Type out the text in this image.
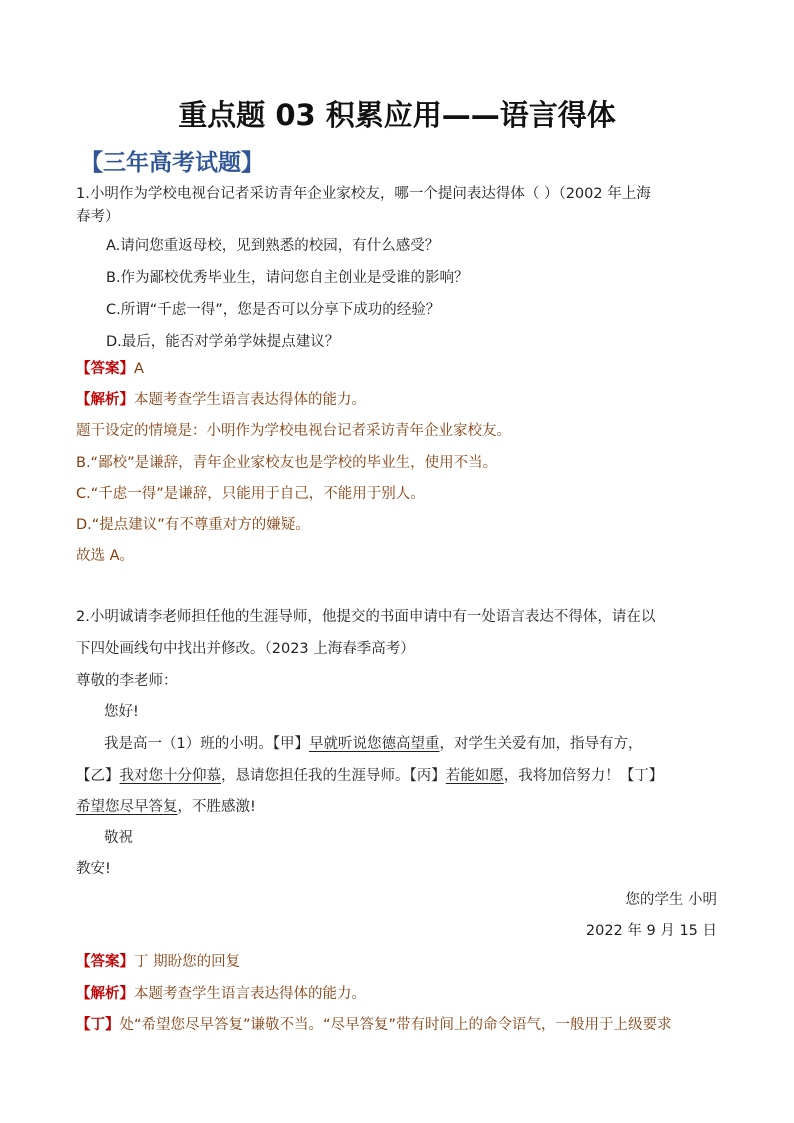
重点题 03 积累应用——语言得体
【三年高考试题】
1.小明作为学校电视台记者采访青年企业家校友，哪一个提问表达得体（ ）（2002 年上海
春考）
A.请问您重返母校，见到熟悉的校园，有什么感受？
B.作为鄙校优秀毕业生，请问您自主创业是受谁的影响？
C.所谓“千虑一得”，您是否可以分享下成功的经验？
D.最后，能否对学弟学妹提点建议？
【答案】A
【解析】本题考查学生语言表达得体的能力。
题干设定的情境是：小明作为学校电视台记者采访青年企业家校友。
B.“鄙校”是谦辞，青年企业家校友也是学校的毕业生，使用不当。
C.“千虑一得”是谦辞，只能用于自己，不能用于别人。
D.“提点建议”有不尊重对方的嫌疑。
故选 A。
2.小明诚请李老师担任他的生涯导师，他提交的书面申请中有一处语言表达不得体，请在以
下四处画线句中找出并修改。（2023 上海春季高考）
尊敬的李老师：
您好!
我是高一（1）班的小明。【甲】早就听说您德高望重，对学生关爱有加，指导有方，
【乙】我对您十分仰慕，恳请您担任我的生涯导师。【丙】若能如愿，我将加倍努力！【丁】
希望您尽早答复，不胜感激!
敬祝
教安!
您的学生 小明
2022 年 9 月 15 日
【答案】丁 期盼您的回复
【解析】本题考查学生语言表达得体的能力。
【丁】处“希望您尽早答复”谦敬不当。“尽早答复”带有时间上的命令语气，一般用于上级要求
